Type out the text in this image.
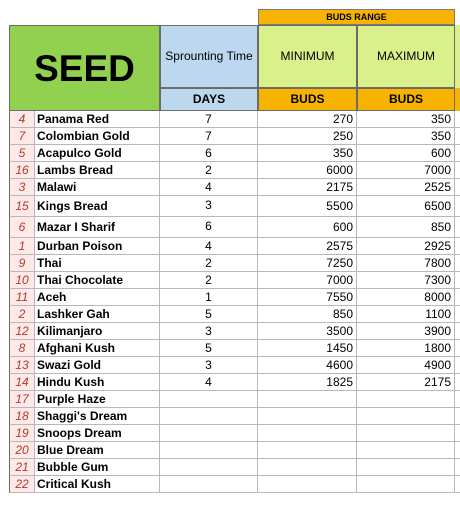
BUDS RANGE
SEED	Sprounting Time	MINIMUM	MAXIMUM
DAYS	BUDS	BUDS
4 Panama Red	7	270	350
7 Colombian Gold	7	250	350
5 Acapulco Gold	6	350	600
16 Lambs Bread	2	6000	7000
3 Malawi	4	2175	2525
15 Kings Bread	3	5500	6500
6 Mazar I Sharif	6	600	850
1 Durban Poison	4	2575	2925
9 Thai	2	7250	7800
10 Thai Chocolate	2	7000	7300
11 Aceh	1	7550	8000
2 Lashker Gah	5	850	1100
12 Kilimanjaro	3	3500	3900
8 Afghani Kush	5	1450	1800
13 Swazi Gold	3	4600	4900
14 Hindu Kush	4	1825	2175
17 Purple Haze
18 Shaggi's Dream
19 Snoops Dream
20 Blue Dream
21 Bubble Gum
22 Critical Kush
